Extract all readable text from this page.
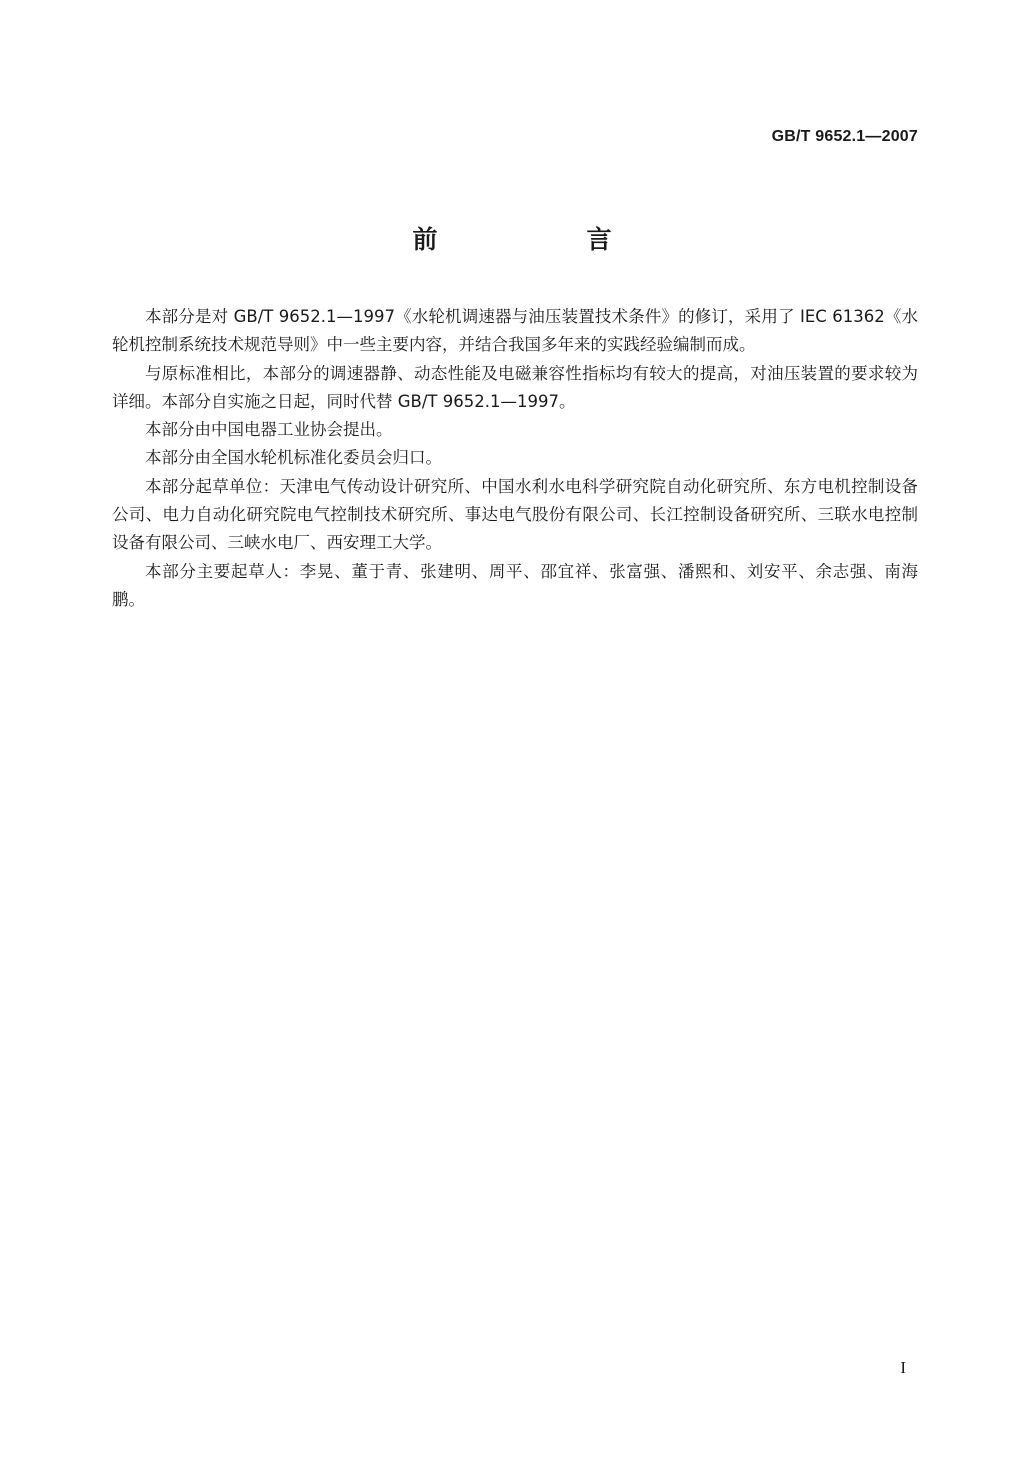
GB/T 9652.1—2007
前　言

本部分是对 GB/T 9652.1—1997《水轮机调速器与油压装置技术条件》的修订，采用了 IEC 61362《水轮机控制系统技术规范导则》中一些主要内容，并结合我国多年来的实践经验编制而成。

与原标准相比，本部分的调速器静、动态性能及电磁兼容性指标均有较大的提高，对油压装置的要求较为详细。本部分自实施之日起，同时代替 GB/T 9652.1—1997。

本部分由中国电器工业协会提出。

本部分由全国水轮机标准化委员会归口。

本部分起草单位：天津电气传动设计研究所、中国水利水电科学研究院自动化研究所、东方电机控制设备公司、电力自动化研究院电气控制技术研究所、事达电气股份有限公司、长江控制设备研究所、三联水电控制设备有限公司、三峡水电厂、西安理工大学。

本部分主要起草人：李晃、董于青、张建明、周平、邵宜祥、张富强、潘熙和、刘安平、余志强、南海鹏。

I
